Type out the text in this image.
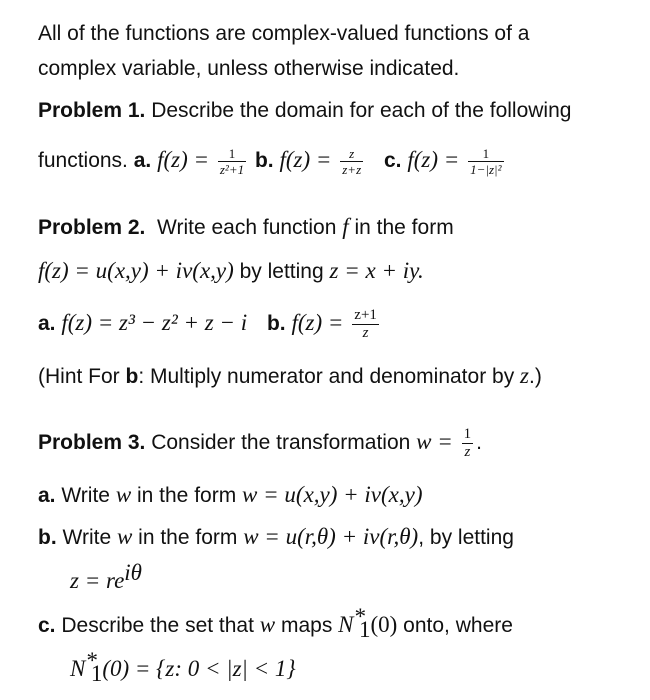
All of the functions are complex-valued functions of a
complex variable, unless otherwise indicated.
Problem 1. Describe the domain for each of the following
functions. a. $f(z) = \frac{1}{\text{z²+1}} b$. $f(z) = \frac{z}{z+\overline{z}} c$. $f(z) = \frac{1}{\text{1−|z|²}}$
Problem 2.  Write each function f in the form
f(z) = u(x,y) + iv(x,y) by letting z = x + iy.
a. f(z) = z³ − z² + z − i b. $f(z) = \frac{z+1}{z}$
(Hint For b: Multiply numerator and denominator by z.)
Problem 3. Consider the transformation $w = \frac{1}{z}$ .
a. Write w in the form w = u(x,y) + iv(x,y)
b. Write w in the form w = u(r,θ) + iv(r,θ), by letting
$z = re^{i\theta}$
c. Describe the set that w maps $N^*_1(0)$ onto, where
$N^*_1(0) = \{z$: 0 < |z| < 1}
